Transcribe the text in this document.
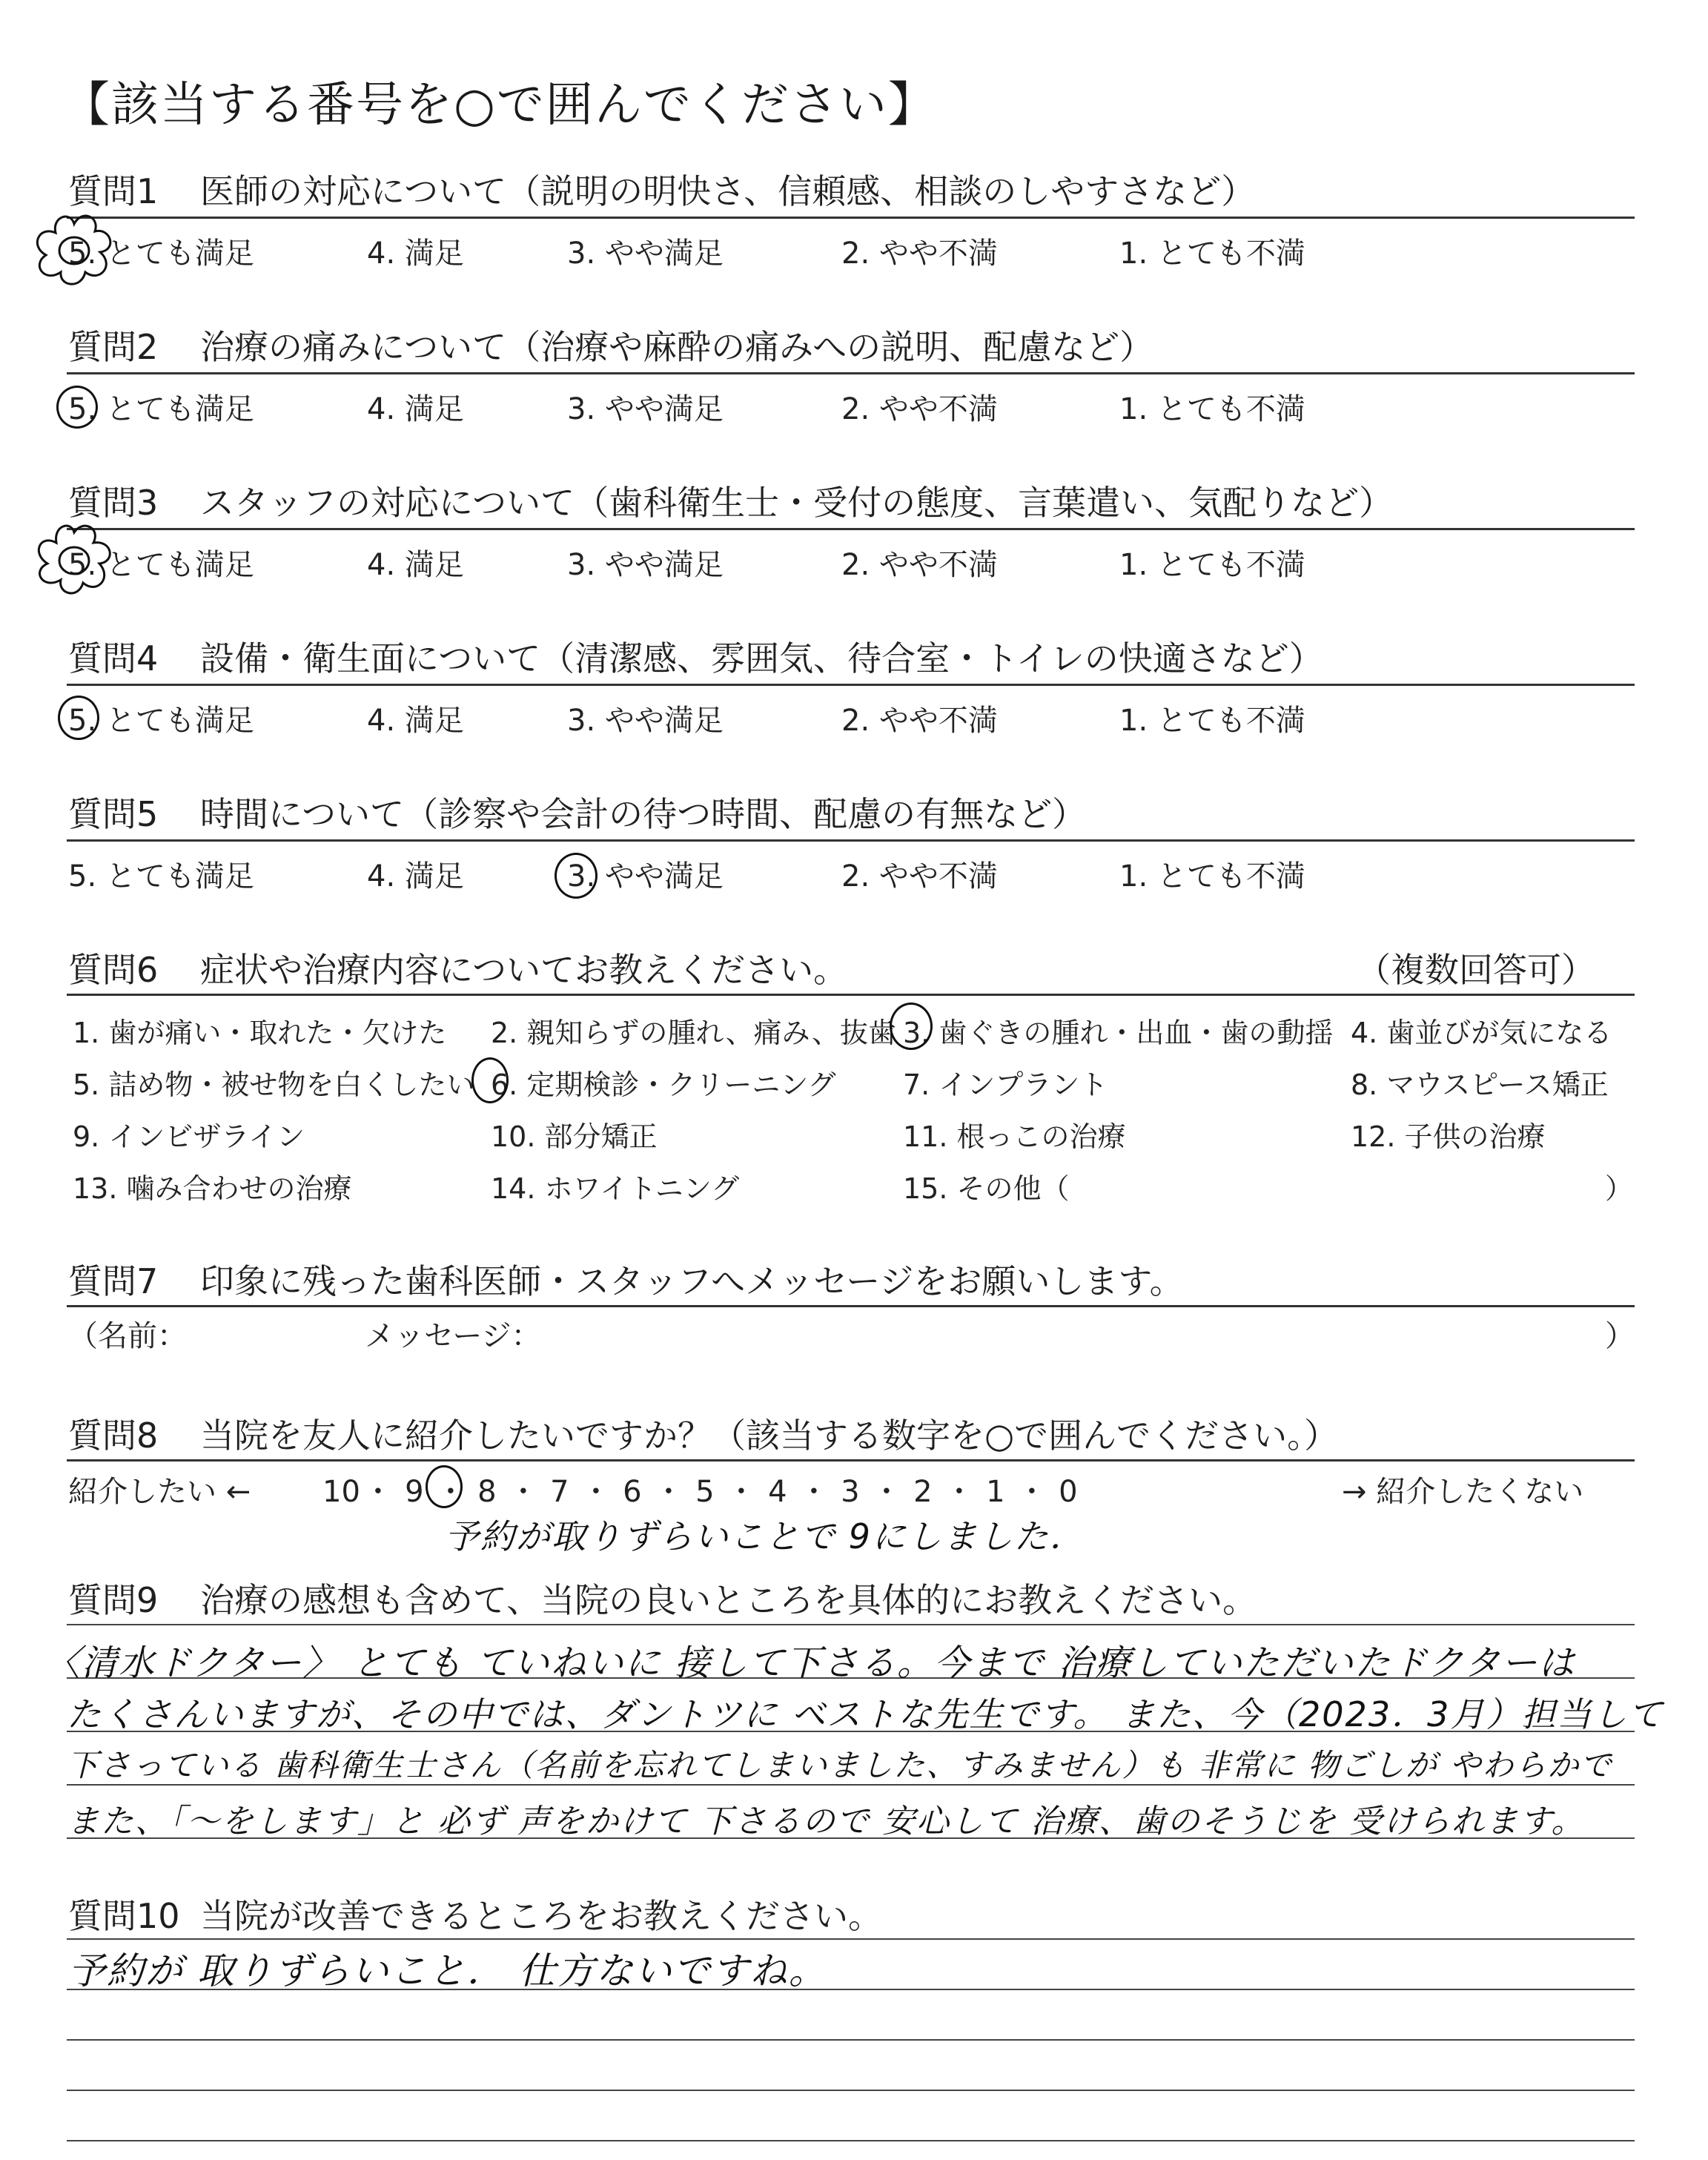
【該当する番号を○で囲んでください】
質問1 医師の対応について（説明の明快さ、信頼感、相談のしやすさなど）
5. とても満足	4. 満足	3. やや満足	2. やや不満	1. とても不満
質問2 治療の痛みについて（治療や麻酔の痛みへの説明、配慮など）
5. とても満足	4. 満足	3. やや満足	2. やや不満	1. とても不満
質問3 スタッフの対応について（歯科衛生士・受付の態度、言葉遣い、気配りなど）
5. とても満足	4. 満足	3. やや満足	2. やや不満	1. とても不満
質問4 設備・衛生面について（清潔感、雰囲気、待合室・トイレの快適さなど）
5. とても満足	4. 満足	3. やや満足	2. やや不満	1. とても不満
質問5 時間について（診察や会計の待つ時間、配慮の有無など）
5. とても満足	4. 満足	3. やや満足	2. やや不満	1. とても不満
質問6 症状や治療内容についてお教えください。	（複数回答可）
1. 歯が痛い・取れた・欠けた 2. 親知らずの腫れ、痛み、抜歯 3. 歯ぐきの腫れ・出血・歯の動揺 4. 歯並びが気になる
5. 詰め物・被せ物を白くしたい 6. 定期検診・クリーニング 7. インプラント	8. マウスピース矯正
9. インビザライン	10. 部分矯正	11. 根っこの治療	12. 子供の治療
13. 噛み合わせの治療	14. ホワイトニング	15. その他（	）
質問7 印象に残った歯科医師・スタッフへメッセージをお願いします。
（名前：	メッセージ：	）
質問8 当院を友人に紹介したいですか？（該当する数字を○で囲んでください。）
紹介したい ← 10 ・ 9 ・ 8 ・ 7 ・ 6 ・ 5 ・ 4 ・ 3 ・ 2 ・ 1 ・ 0	→ 紹介したくない
予約が取りずらいことで 9にしました．
質問9 治療の感想も含めて、当院の良いところを具体的にお教えください。
〈清水ドクター〉 とても ていねいに 接して下さる。今まで 治療していただいたドクターは
たくさんいますが、その中では、ダントツに ベストな先生です。 また、今（2023．3月）担当して
下さっている 歯科衛生士さん（名前を忘れてしまいました、すみません）も 非常に 物ごしが やわらかで
また、「～をします」と 必ず 声をかけて 下さるので 安心して 治療、歯のそうじを 受けられます。
質問10 当院が改善できるところをお教えください。
予約が 取りずらいこと． 仕方ないですね。
